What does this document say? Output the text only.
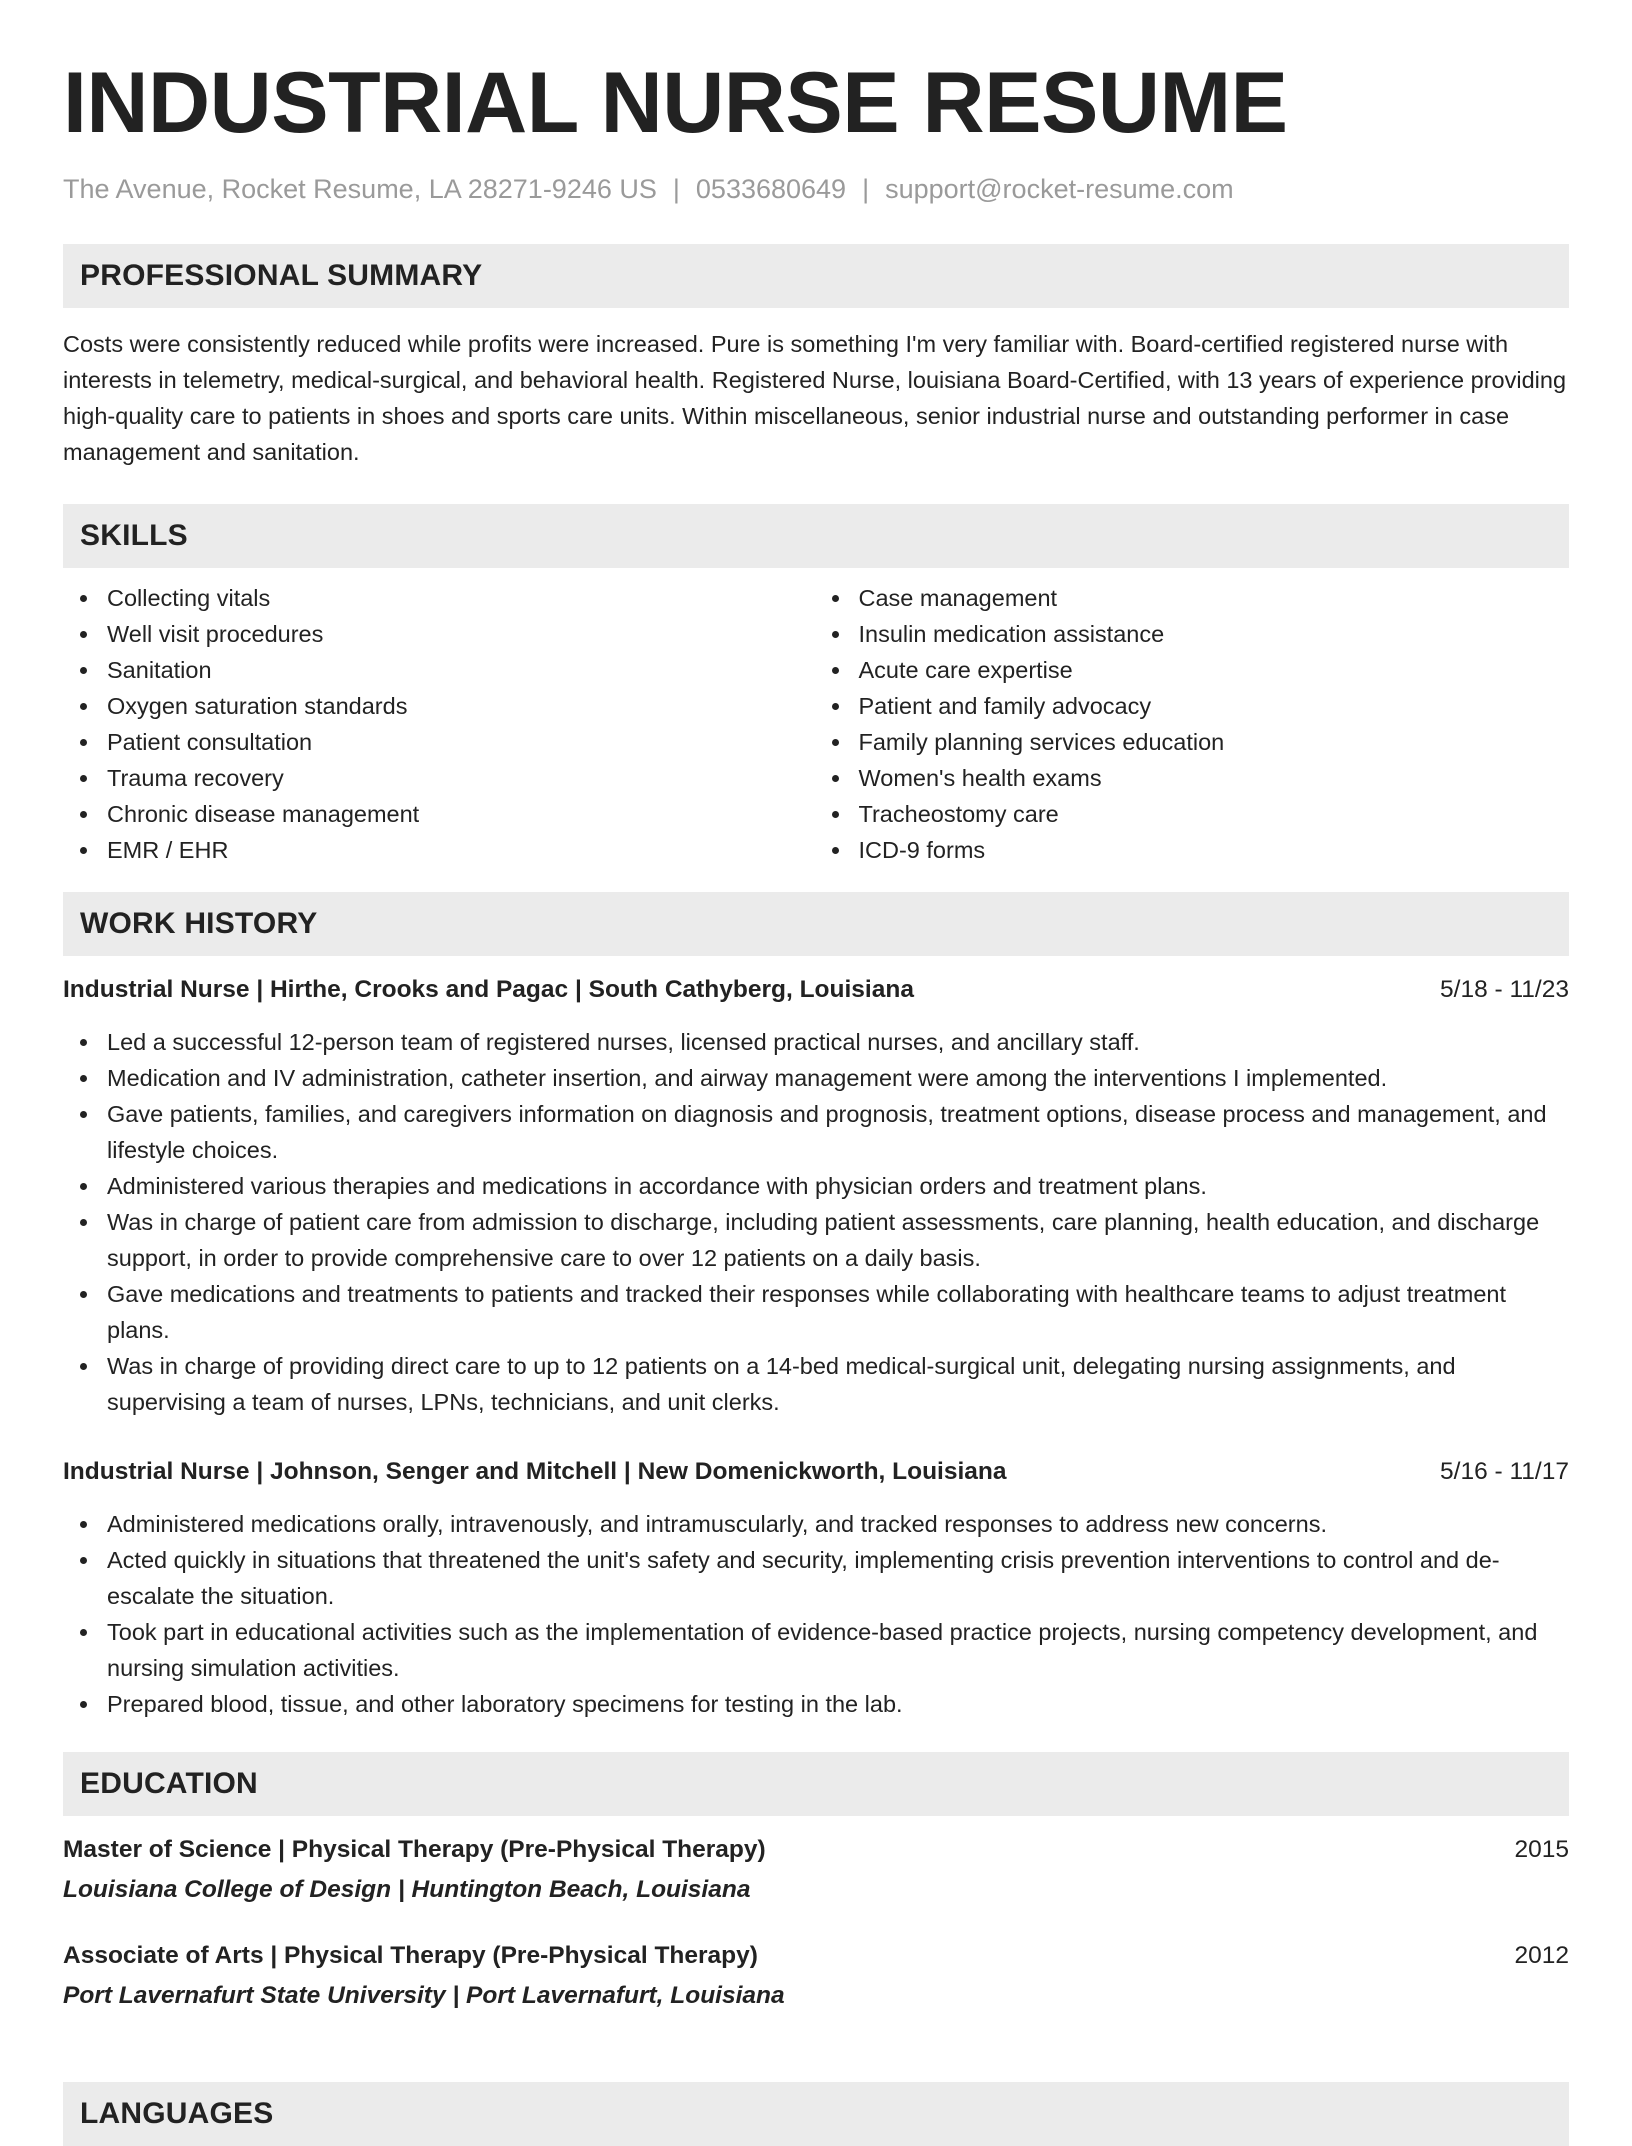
INDUSTRIAL NURSE RESUME
The Avenue, Rocket Resume, LA 28271-9246 US | 0533680649 | support@rocket-resume.com
PROFESSIONAL SUMMARY

Costs were consistently reduced while profits were increased. Pure is something I'm very familiar with. Board-certified registered nurse with interests in telemetry, medical-surgical, and behavioral health. Registered Nurse, louisiana Board-Certified, with 13 years of experience providing high-quality care to patients in shoes and sports care units. Within miscellaneous, senior industrial nurse and outstanding performer in case management and sanitation.

SKILLS
Collecting vitals
Well visit procedures
Sanitation
Oxygen saturation standards
Patient consultation
Trauma recovery
Chronic disease management
EMR / EHR
Case management
Insulin medication assistance
Acute care expertise
Patient and family advocacy
Family planning services education
Women's health exams
Tracheostomy care
ICD-9 forms
WORK HISTORY
Industrial Nurse | Hirthe, Crooks and Pagac | South Cathyberg, Louisiana	5/18 - 11/23
Led a successful 12-person team of registered nurses, licensed practical nurses, and ancillary staff.
Medication and IV administration, catheter insertion, and airway management were among the interventions I implemented.
Gave patients, families, and caregivers information on diagnosis and prognosis, treatment options, disease process and management, and lifestyle choices.
Administered various therapies and medications in accordance with physician orders and treatment plans.
Was in charge of patient care from admission to discharge, including patient assessments, care planning, health education, and discharge support, in order to provide comprehensive care to over 12 patients on a daily basis.
Gave medications and treatments to patients and tracked their responses while collaborating with healthcare teams to adjust treatment plans.
Was in charge of providing direct care to up to 12 patients on a 14-bed medical-surgical unit, delegating nursing assignments, and supervising a team of nurses, LPNs, technicians, and unit clerks.
Industrial Nurse | Johnson, Senger and Mitchell | New Domenickworth, Louisiana	5/16 - 11/17
Administered medications orally, intravenously, and intramuscularly, and tracked responses to address new concerns.
Acted quickly in situations that threatened the unit's safety and security, implementing crisis prevention interventions to control and de-escalate the situation.
Took part in educational activities such as the implementation of evidence-based practice projects, nursing competency development, and nursing simulation activities.
Prepared blood, tissue, and other laboratory specimens for testing in the lab.
EDUCATION
Master of Science | Physical Therapy (Pre-Physical Therapy)	2015
Louisiana College of Design | Huntington Beach, Louisiana
Associate of Arts | Physical Therapy (Pre-Physical Therapy)	2012
Port Lavernafurt State University | Port Lavernafurt, Louisiana
LANGUAGES
